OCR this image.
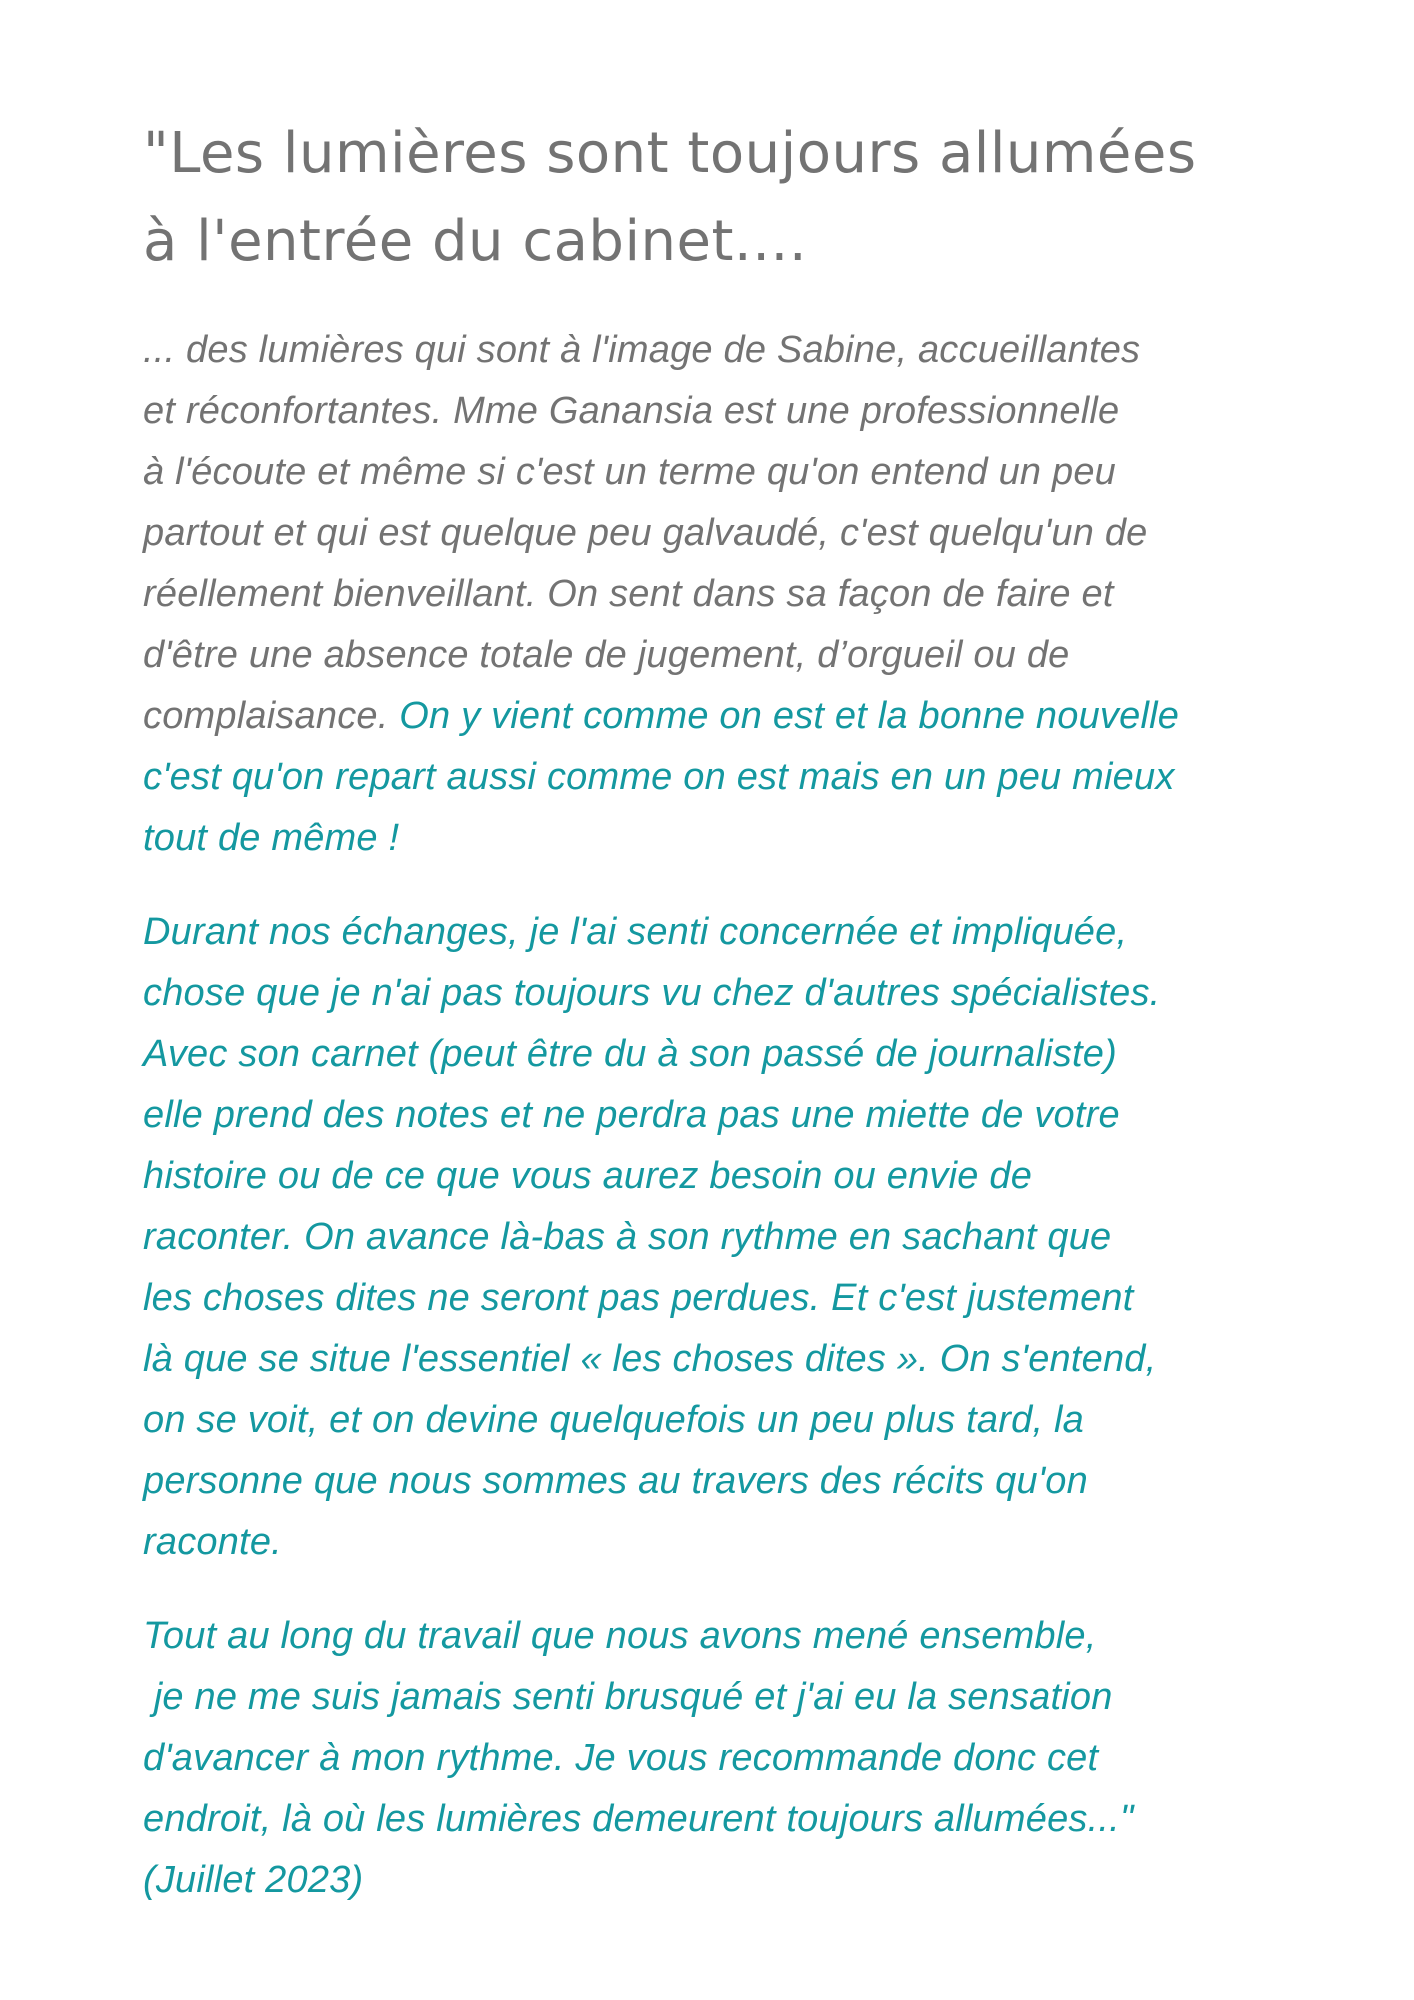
"Les lumières sont toujours allumées
à l'entrée du cabinet....

... des lumières qui sont à l'image de Sabine, accueillantes
et réconfortantes. Mme Ganansia est une professionnelle
à l'écoute et même si c'est un terme qu'on entend un peu
partout et qui est quelque peu galvaudé, c'est quelqu'un de
réellement bienveillant. On sent dans sa façon de faire et
d'être une absence totale de jugement, d’orgueil ou de
complaisance. On y vient comme on est et la bonne nouvelle
c'est qu'on repart aussi comme on est mais en un peu mieux
tout de même !

Durant nos échanges, je l'ai senti concernée et impliquée,
chose que je n'ai pas toujours vu chez d'autres spécialistes.
Avec son carnet (peut être du à son passé de journaliste)
elle prend des notes et ne perdra pas une miette de votre
histoire ou de ce que vous aurez besoin ou envie de
raconter. On avance là-bas à son rythme en sachant que
les choses dites ne seront pas perdues. Et c'est justement
là que se situe l'essentiel « les choses dites ». On s'entend,
on se voit, et on devine quelquefois un peu plus tard, la
personne que nous sommes au travers des récits qu'on
raconte.

Tout au long du travail que nous avons mené ensemble,
je ne me suis jamais senti brusqué et j'ai eu la sensation
d'avancer à mon rythme. Je vous recommande donc cet
endroit, là où les lumières demeurent toujours allumées..."
(Juillet 2023)
